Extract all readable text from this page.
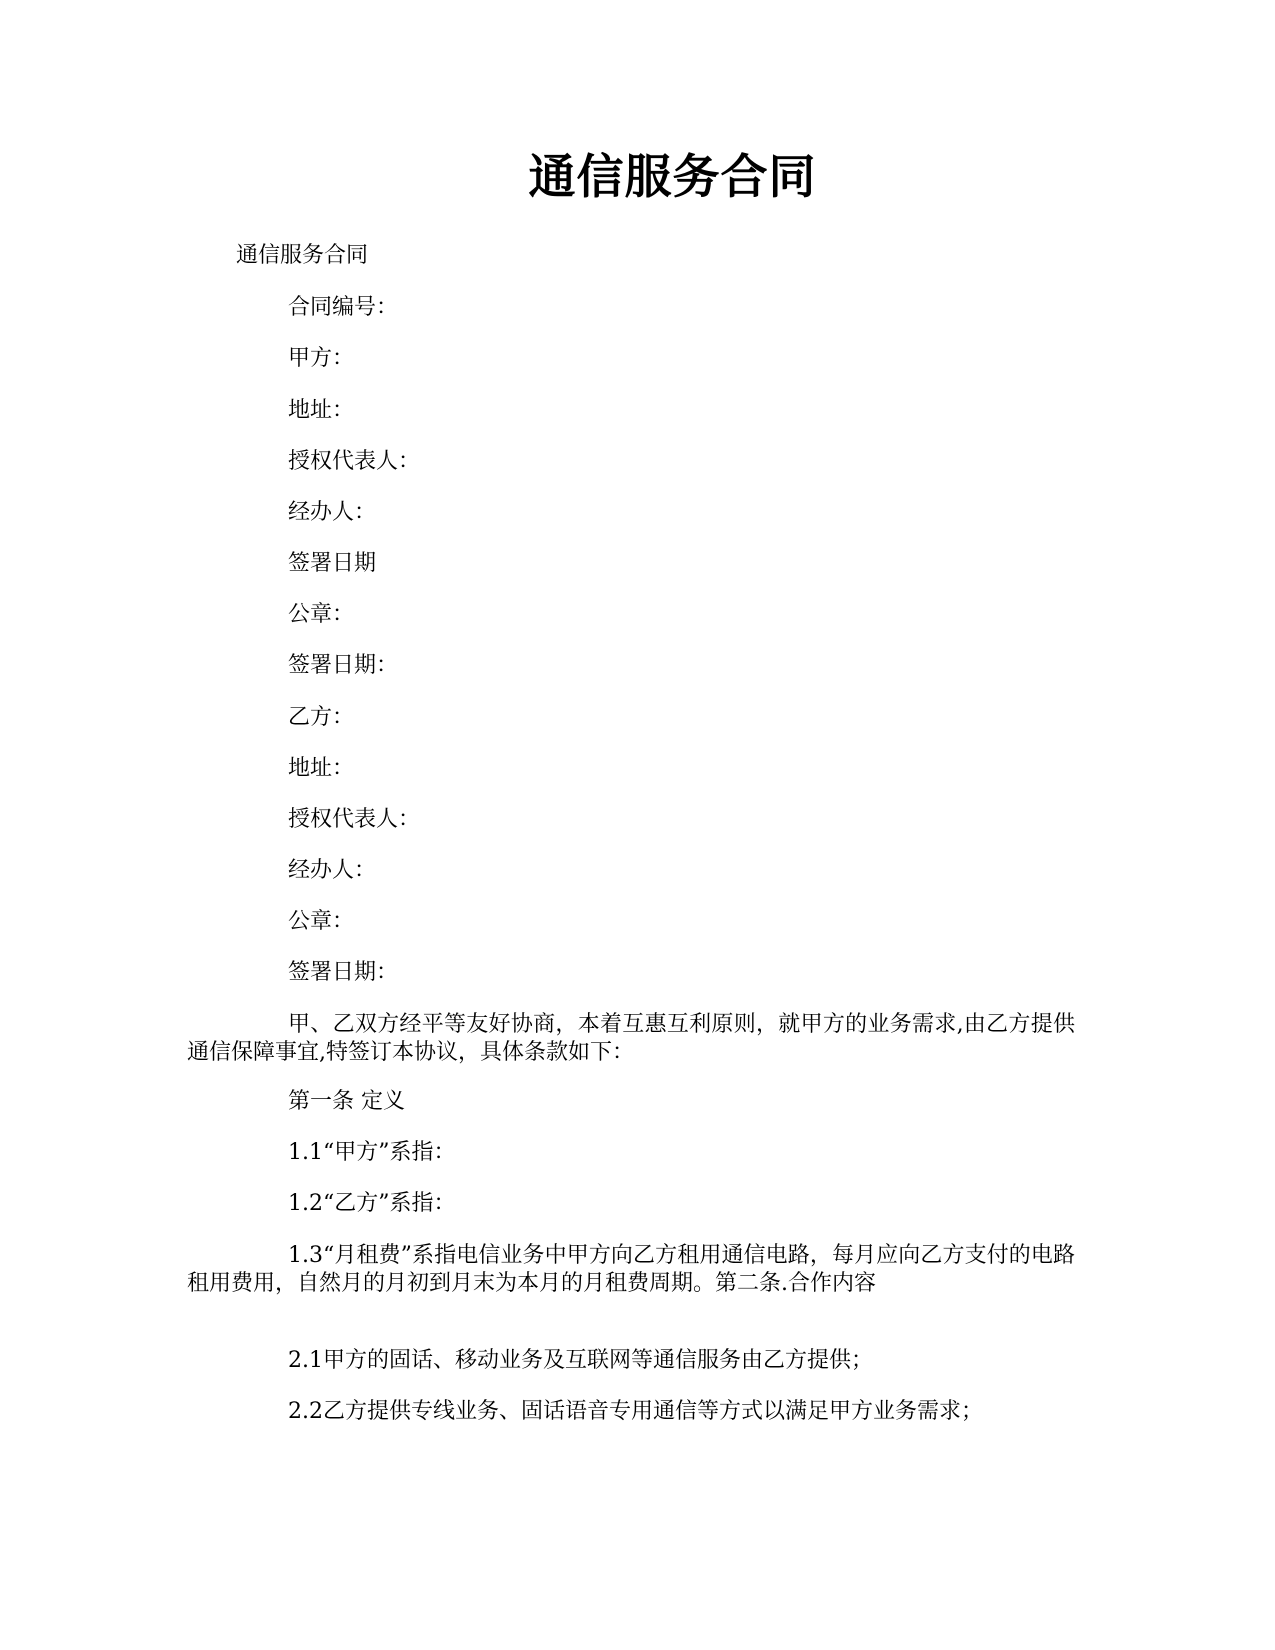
通信服务合同
通信服务合同
合同编号：
甲方：
地址：
授权代表人：
经办人：
签署日期
公章：
签署日期：
乙方：
地址：
授权代表人：
经办人：
公章：
签署日期：
甲、乙双方经平等友好协商，本着互惠互利原则，就甲方的业务需求,由乙方提供通信保障事宜,特签订本协议，具体条款如下：
第一条 定义
1.1“甲方”系指：
1.2“乙方”系指：
1.3“月租费”系指电信业务中甲方向乙方租用通信电路，每月应向乙方支付的电路租用费用，自然月的月初到月末为本月的月租费周期。第二条.合作内容
2.1甲方的固话、移动业务及互联网等通信服务由乙方提供；
2.2乙方提供专线业务、固话语音专用通信等方式以满足甲方业务需求；
